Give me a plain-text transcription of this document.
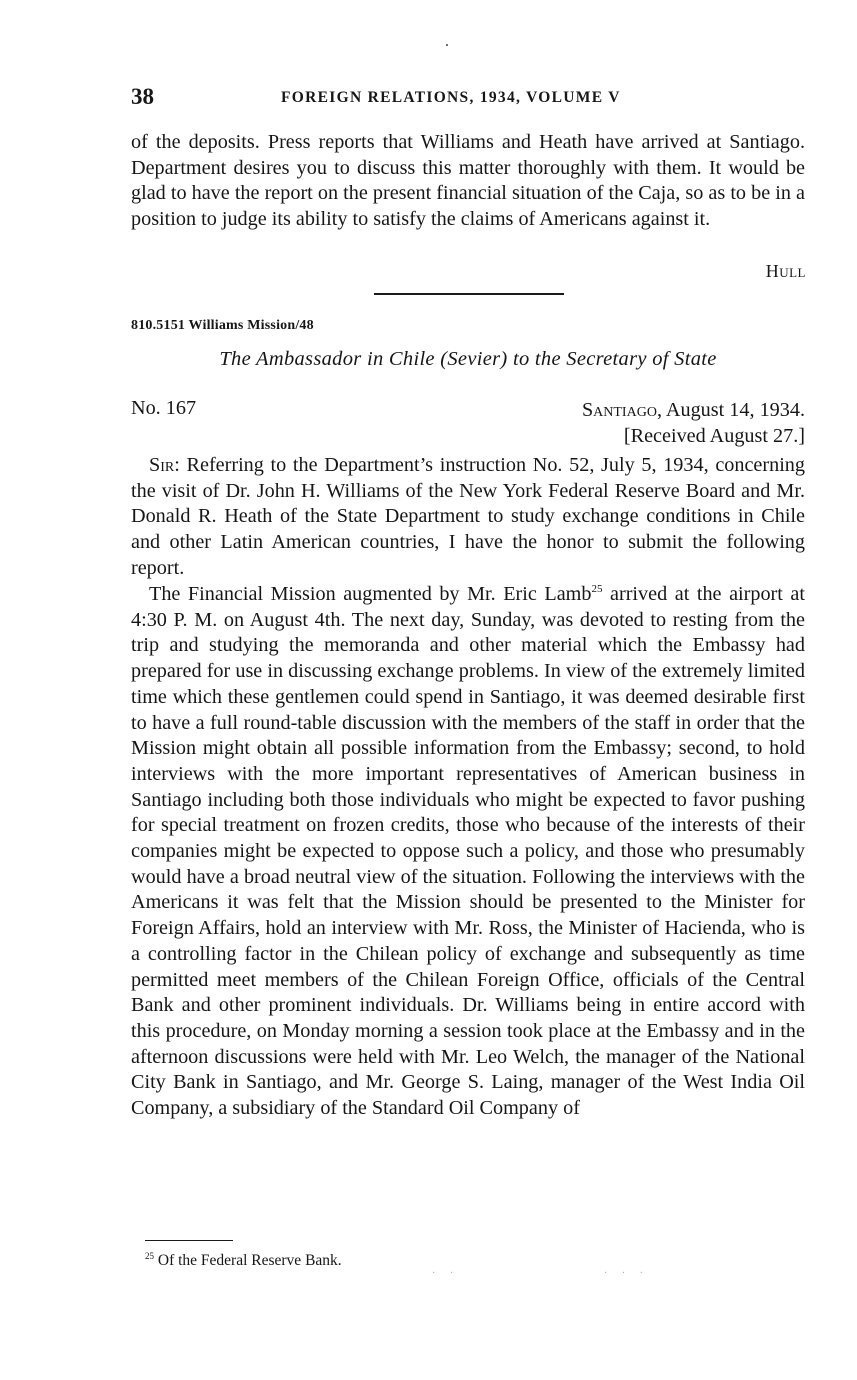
38	FOREIGN RELATIONS, 1934, VOLUME V

of the deposits. Press reports that Williams and Heath have arrived at Santiago. Department desires you to discuss this matter thoroughly with them. It would be glad to have the report on the present financial situation of the Caja, so as to be in a position to judge its ability to satisfy the claims of Americans against it.

Hull
810.5151 Williams Mission/48
The Ambassador in Chile (Sevier) to the Secretary of State
No. 167	Santiago, August 14, 1934.
[Received August 27.]

Sir: Referring to the Department’s instruction No. 52, July 5, 1934, concerning the visit of Dr. John H. Williams of the New York Federal Reserve Board and Mr. Donald R. Heath of the State Department to study exchange conditions in Chile and other Latin American countries, I have the honor to submit the following report.

The Financial Mission augmented by Mr. Eric Lamb$^{25}$ arrived at the airport at 4:30 P. M. on August 4th. The next day, Sunday, was devoted to resting from the trip and studying the memoranda and other material which the Embassy had prepared for use in discussing exchange problems. In view of the extremely limited time which these gentlemen could spend in Santiago, it was deemed desirable first to have a full round-table discussion with the members of the staff in order that the Mission might obtain all possible information from the Embassy; second, to hold interviews with the more important representatives of American business in Santiago including both those individuals who might be expected to favor pushing for special treatment on frozen credits, those who because of the interests of their companies might be expected to oppose such a policy, and those who presumably would have a broad neutral view of the situation. Following the interviews with the Americans it was felt that the Mission should be presented to the Minister for Foreign Affairs, hold an interview with Mr. Ross, the Minister of Hacienda, who is a controlling factor in the Chilean policy of exchange and subsequently as time permitted meet members of the Chilean Foreign Office, officials of the Central Bank and other prominent individuals. Dr. Williams being in entire accord with this procedure, on Monday morning a session took place at the Embassy and in the afternoon discussions were held with Mr. Leo Welch, the manager of the National City Bank in Santiago, and Mr. George S. Laing, manager of the West India Oil Company, a subsidiary of the Standard Oil Company of

$^{25}$ Of the Federal Reserve Bank.
· ·	· · ·
